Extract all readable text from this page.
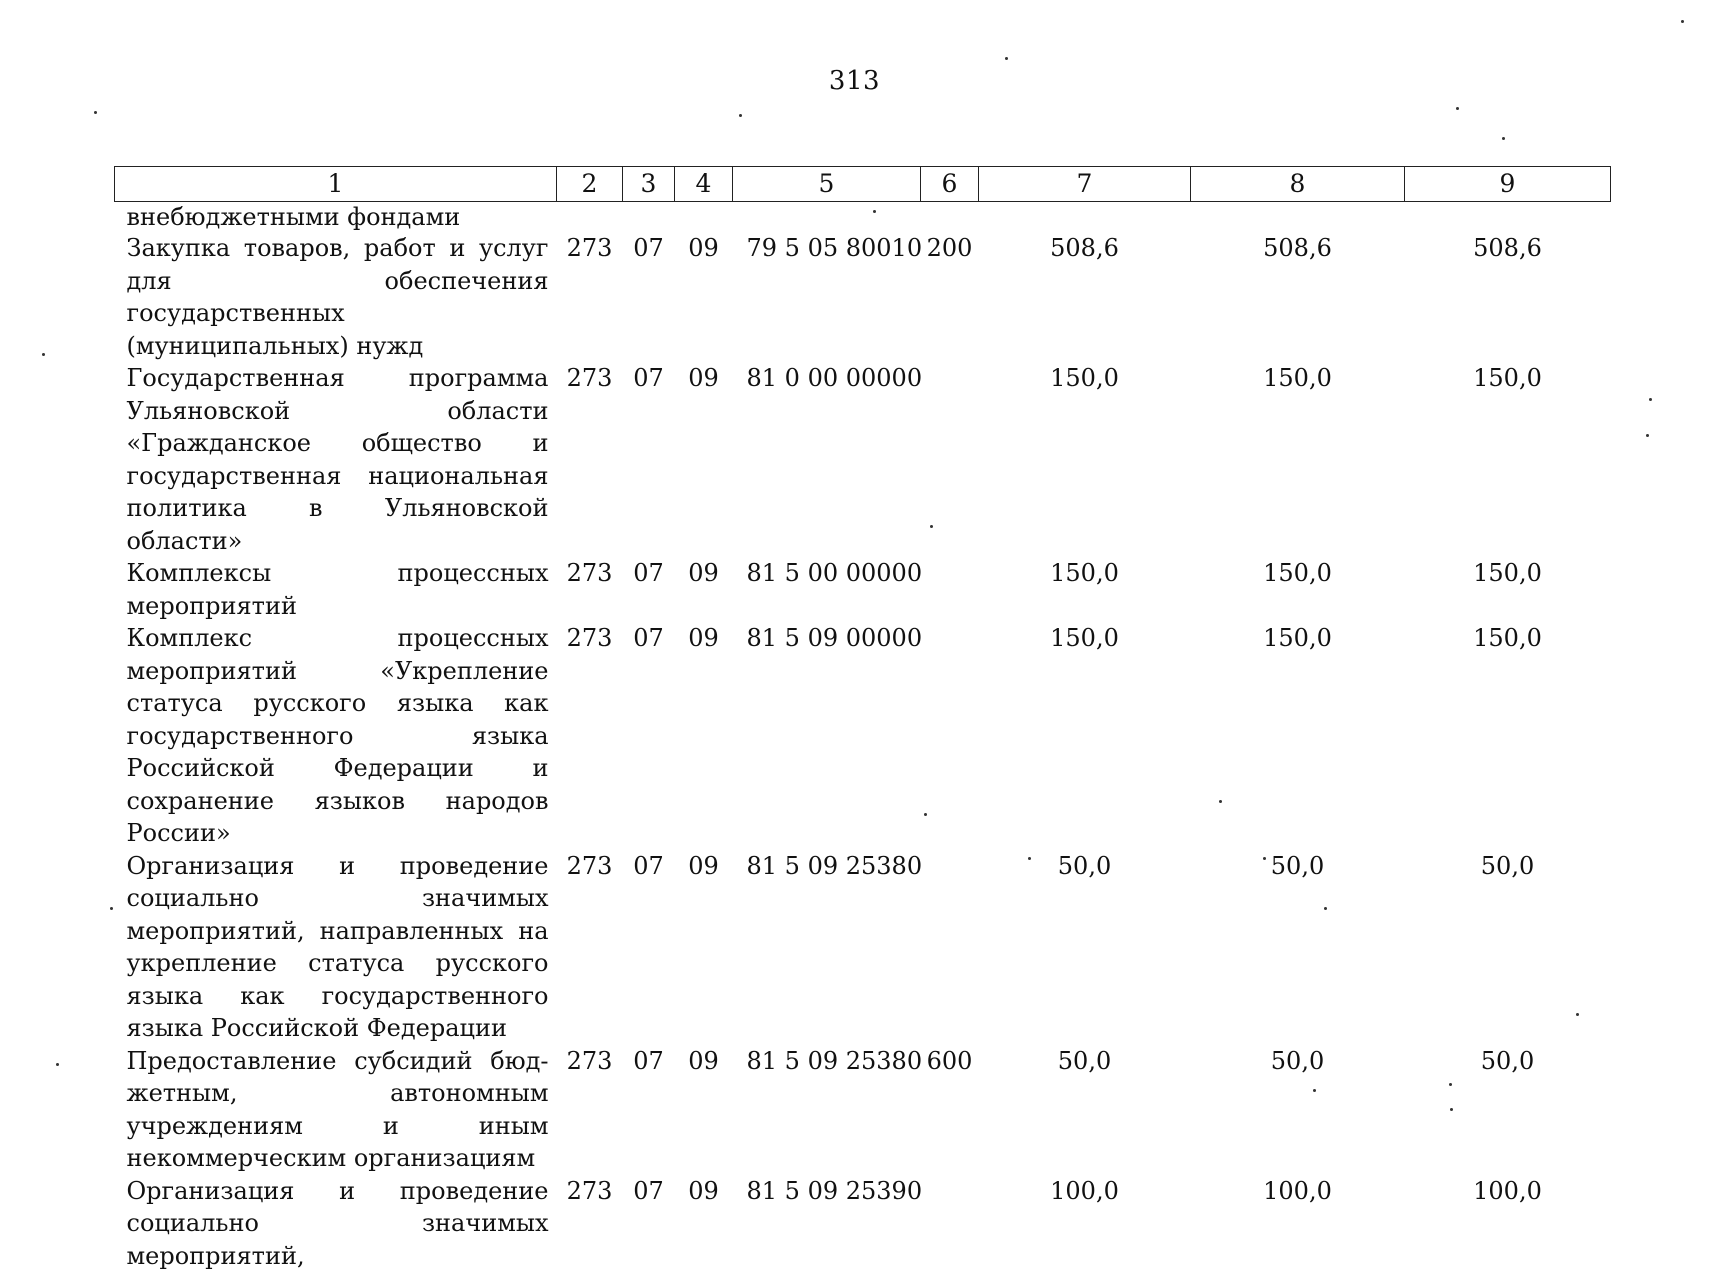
313
1	2	3	4	5	6	7	8	9
внебюджетными фондами								
Закупка товаров, работ и услуг для обеспечения государственных (муниципальных) нужд	273	07	09	79 5 05 80010	200	508,6	508,6	508,6
Государственная программа Ульяновской области «Гражданское общество и государственная национальная политика в Ульяновской области»	273	07	09	81 0 00 00000		150,0	150,0	150,0
Комплексы процессных мероприятий	273	07	09	81 5 00 00000		150,0	150,0	150,0
Комплекс процессных мероприятий «Укрепление статуса русского языка как государственного языка Российской Федерации и сохранение языков народов России»	273	07	09	81 5 09 00000		150,0	150,0	150,0
Организация и проведение социально значимых мероприятий, направленных на укрепление статуса русского языка как государственного языка Российской Федерации	273	07	09	81 5 09 25380		50,0	50,0	50,0
Предоставление субсидий бюджетным, автономным учреждениям и иным некоммерческим организациям	273	07	09	81 5 09 25380	600	50,0	50,0	50,0
Организация и проведение социально значимых мероприятий,	273	07	09	81 5 09 25390		100,0	100,0	100,0
